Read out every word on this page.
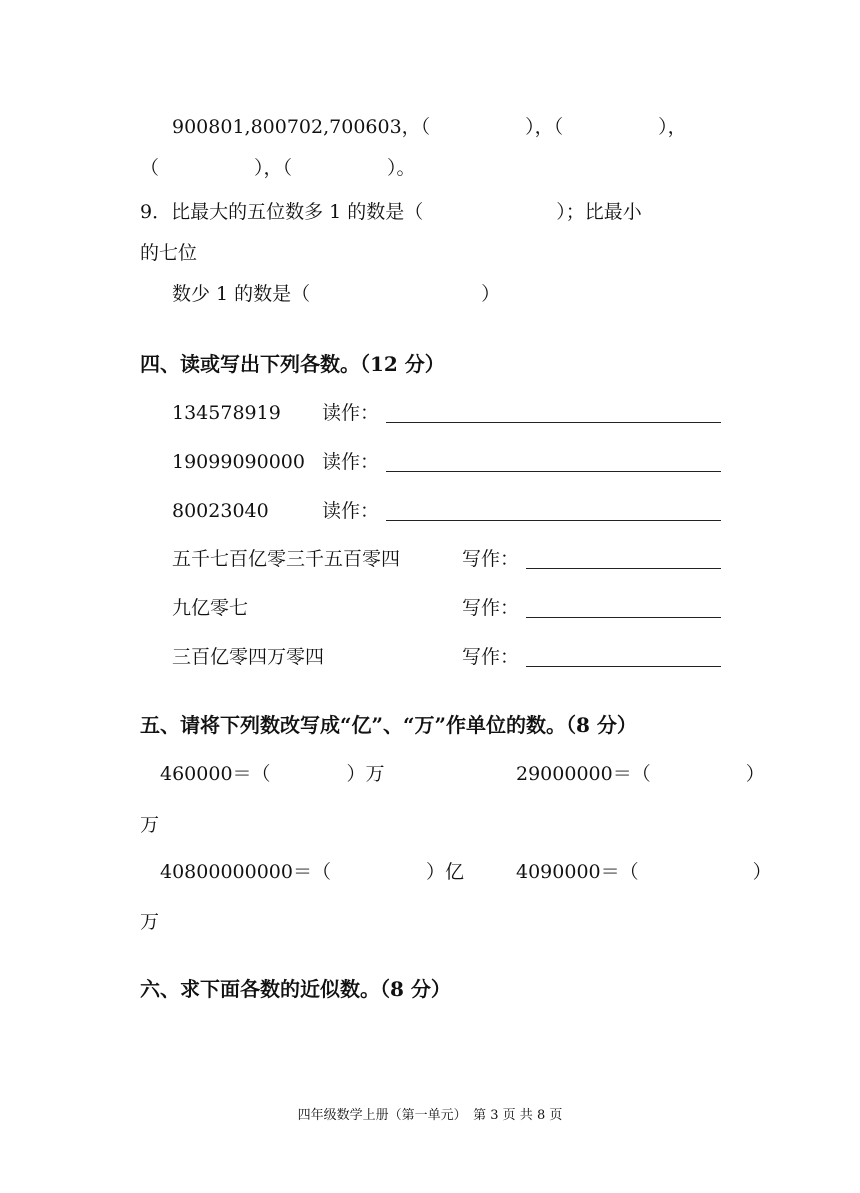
900801,800702,700603，（　　　　　），（　　　　　），
（　　　　　），（　　　　　）。
9．比最大的五位数多 1 的数是（　　　　　　　）；比最小
的七位
数少 1 的数是（　　　　　　　　　）
四、读或写出下列各数。（12 分）
134578919 读作：
19099090000 读作：
80023040	读作：
五千七百亿零三千五百零四	写作：
九亿零七	写作：
三百亿零四万零四	写作：
五、请将下列数改写成“亿”、“万”作单位的数。（8 分）
460000＝（　　　　）万	29000000＝（　　　　　）
万
40800000000＝（　　　　　）亿	4090000＝（　　　　　　）
万
六、求下面各数的近似数。（8 分）
四年级数学上册（第一单元）　第 3 页 共 8 页
